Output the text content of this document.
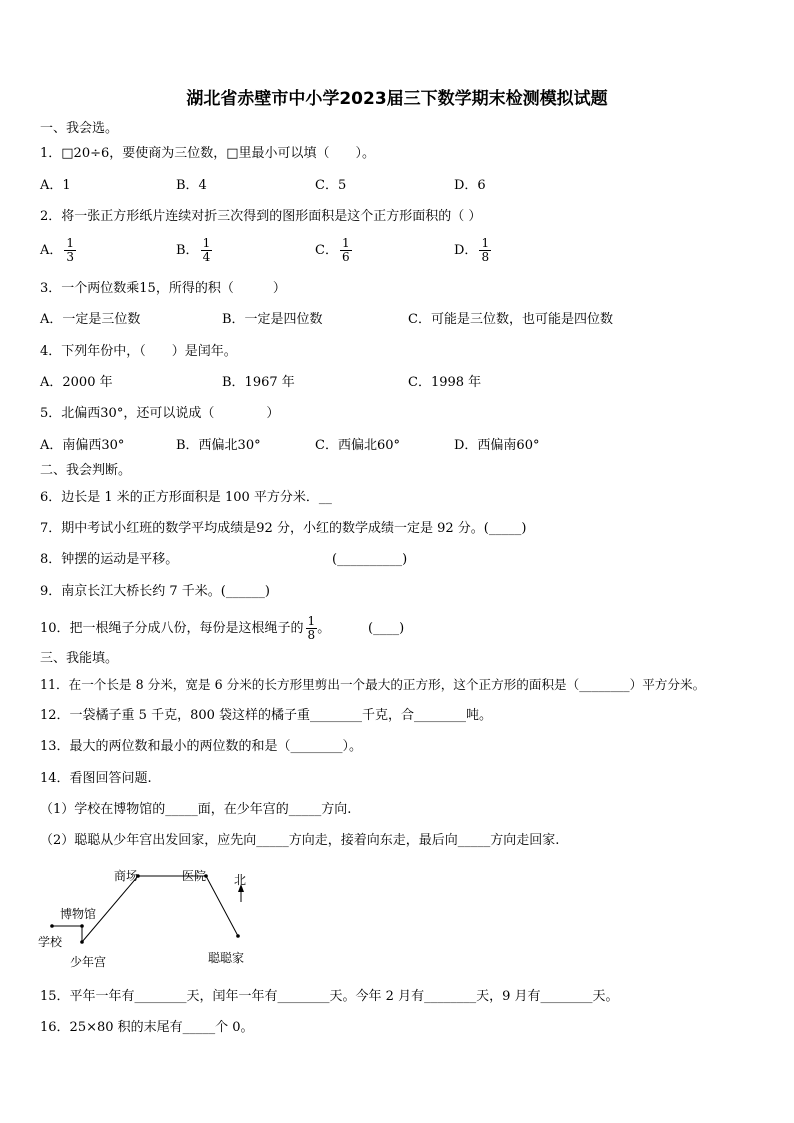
湖北省赤壁市中小学2023届三下数学期末检测模拟试题
一、我会选。
1．□20÷6，要使商为三位数，□里最小可以填（　　）。
A．1	B．4	C．5	D．6
2．将一张正方形纸片连续对折三次得到的图形面积是这个正方形面积的（ ）
A． $\frac{1}{3}$	B． $\frac{1}{4}$	C． $\frac{1}{6}$	D． $\frac{1}{8}$
3．一个两位数乘15，所得的积（　　　）
A．一定是三位数	B．一定是四位数	C．可能是三位数，也可能是四位数
4．下列年份中，（　　）是闰年。
A．2000 年	B．1967 年	C．1998 年
5．北偏西30°，还可以说成（　　　　）
A．南偏西30°	B．西偏北30°	C．西偏北60°	D．西偏南60°
二、我会判断。
6．边长是 1 米的正方形面积是 100 平方分米．__
7．期中考试小红班的数学平均成绩是92 分，小红的数学成绩一定是 92 分。(_____)
8．钟摆的运动是平移。	(__________)
9．南京长江大桥长约 7 千米。(______)
10．把一根绳子分成八份，每份是这根绳子的 $\frac{1}{8}$ 。	(____)
三、我能填。
11．在一个长是 8 分米，宽是 6 分米的长方形里剪出一个最大的正方形，这个正方形的面积是（________）平方分米。
12．一袋橘子重 5 千克，800 袋这样的橘子重________千克，合________吨。
13．最大的两位数和最小的两位数的和是（________）。
14．看图回答问题.
（1）学校在博物馆的_____面，在少年宫的_____方向.
（2）聪聪从少年宫出发回家，应先向_____方向走，接着向东走，最后向_____方向走回家.
学校
博物馆
少年宫
商场	医院
聪聪家
北
15．平年一年有________天，闰年一年有________天。今年 2 月有________天，9 月有________天。
16．25×80 积的末尾有_____个 0。
